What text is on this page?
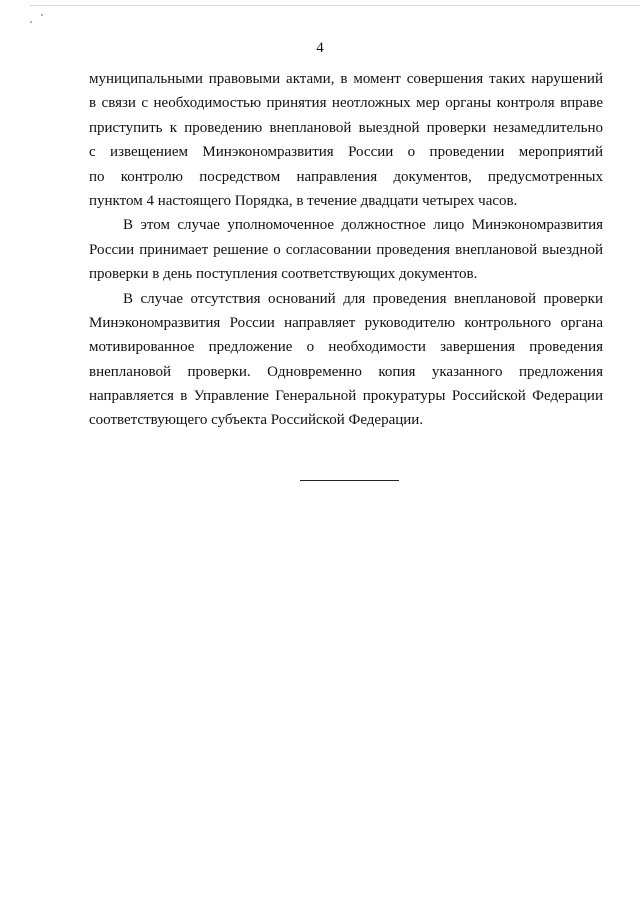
4
муниципальными правовыми актами, в момент совершения таких нарушений
в связи с необходимостью принятия неотложных мер органы контроля вправе
приступить к проведению внеплановой выездной проверки незамедлительно
с извещением Минэкономразвития России о проведении мероприятий
по контролю посредством направления документов, предусмотренных
пунктом 4 настоящего Порядка, в течение двадцати четырех часов.
В этом случае уполномоченное должностное лицо Минэкономразвития
России принимает решение о согласовании проведения внеплановой выездной
проверки в день поступления соответствующих документов.
В случае отсутствия оснований для проведения внеплановой проверки
Минэкономразвития России направляет руководителю контрольного органа
мотивированное предложение о необходимости завершения проведения
внеплановой проверки. Одновременно копия указанного предложения
направляется в Управление Генеральной прокуратуры Российской Федерации
соответствующего субъекта Российской Федерации.
